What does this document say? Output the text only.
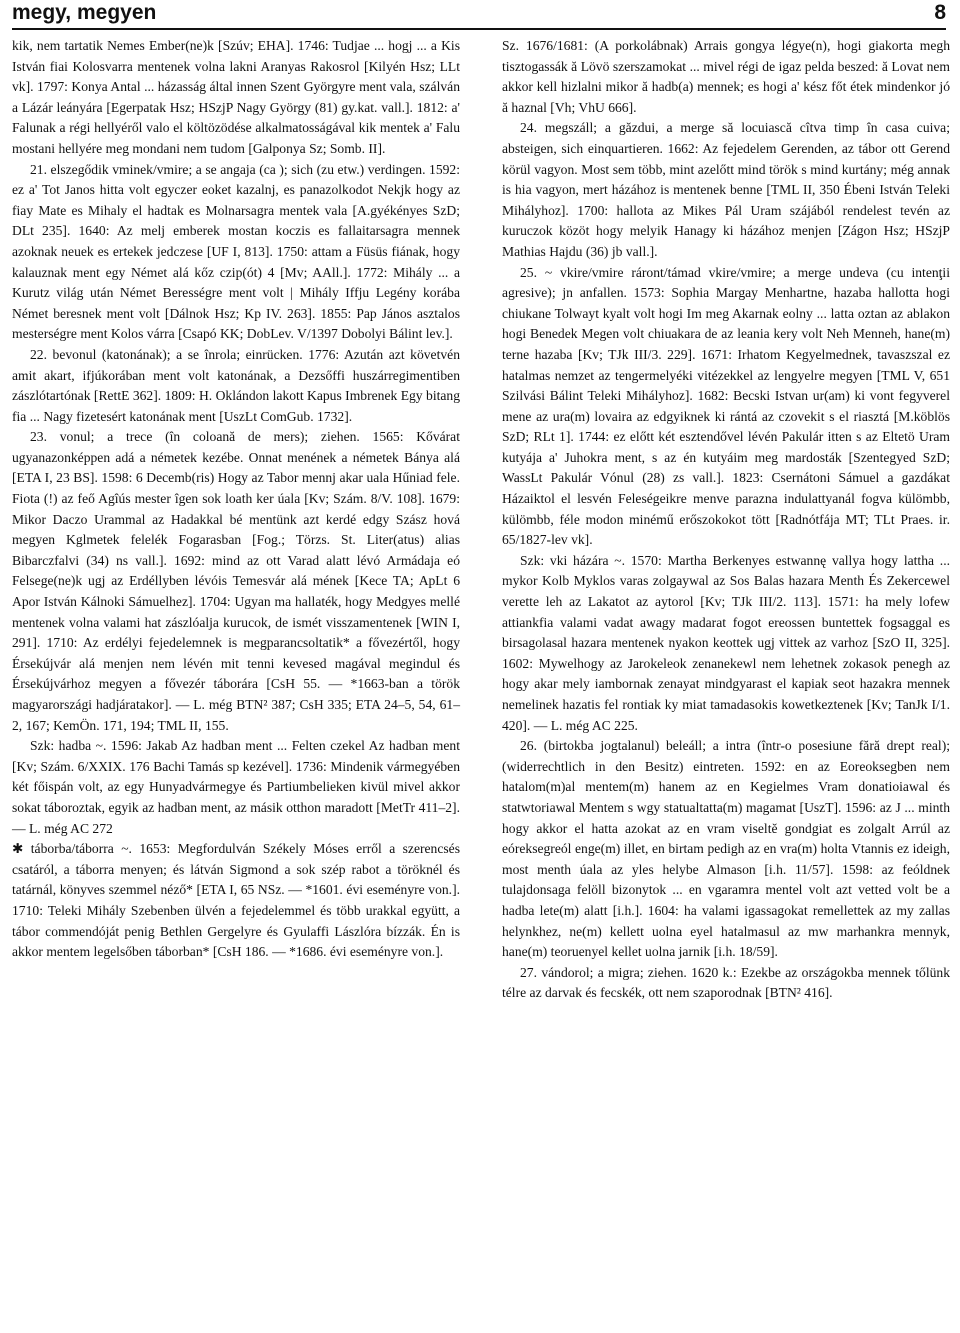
megy, megyen	8

kik, nem tartatik Nemes Ember(ne)k [Szúv; EHA]. 1746: Tudjae ... hogj ... a Kis István fiai Kolosvarra mentenek volna lakni Aranyas Rakosrol [Kilyén Hsz; LLt vk]. 1797: Konya Antal ... házasság által innen Szent Györgyre ment vala, szálván a Lázár leányára [Egerpatak Hsz; HSzjP Nagy György (81) gy.kat. vall.]. 1812: a' Falunak a régi hellyéről valo el költözödése alkalmatosságával kik mentek a' Falu mostani hellyére meg mondani nem tudom [Galponya Sz; Somb. II].

21. elszegődik vminek/vmire; a se angaja (ca ); sich (zu etw.) verdingen. 1592: ez a' Tot Janos hitta volt egyczer eoket kazalnj, es panazolkodot Nekjk hogy az fiay Mate es Mihaly el hadtak es Molnarsagra mentek vala [A.gyékényes SzD; DLt 235]. 1640: Az melj emberek mostan koczis es fallaitarsagra mennek azoknak neuek es ertekek jedczese [UF I, 813]. 1750: attam a Füsüs fiának, hogy kalauznak ment egy Német alá kőz czip(ót) 4 [Mv; AAll.]. 1772: Mihály ... a Kurutz világ után Német Berességre ment volt | Mihály Iffju Legény korába Német beresnek ment volt [Dálnok Hsz; Kp IV. 263]. 1855: Pap János asztalos mesterségre ment Kolos várra [Csapó KK; DobLev. V/1397 Dobolyi Bálint lev.].

22. bevonul (katonának); a se înrola; einrücken. 1776: Azután azt követvén amit akart, ifjúkorában ment volt katonának, a Dezsőffi huszárregimentiben zászlótartónak [RettE 362]. 1809: H. Oklándon lakott Kapus Imbrenek Egy bitang fia ... Nagy fizetesért katonának ment [UszLt ComGub. 1732].

23. vonul; a trece (în coloană de mers); ziehen. 1565: Kővárat ugyanazonképpen adá a németek kezébe. Onnat menének a németek Bánya alá [ETA I, 23 BS]. 1598: 6 Decemb(ris) Hogy az Tabor mennj akar uala Hűniad fele. Fiota (!) az feő Agîús mester îgen sok loath ker úala [Kv; Szám. 8/V. 108]. 1679: Mikor Daczo Urammal az Hadakkal bé mentünk azt kerdé edgy Szász hová megyen Kglmetek felelék Fogarasban [Fog.; Törzs. St. Liter(atus) alias Bibarczfalvi (34) ns vall.]. 1692: mind az ott Varad alatt lévó Armádaja eó Felsege(ne)k ugj az Erdéllyben lévóis Temesvár alá mének [Kece TA; ApLt 6 Apor István Kálnoki Sámuelhez]. 1704: Ugyan ma hallaték, hogy Medgyes mellé mentenek volna valami hat zászlóalja kurucok, de ismét visszamentenek [WIN I, 291]. 1710: Az erdélyi fejedelemnek is megparancsoltatik* a fővezértől, hogy Érsekújvár alá menjen nem lévén mit tenni kevesed magával megindul és Érsekújvárhoz megyen a fővezér táborára [CsH 55. — *1663-ban a török magyarországi hadjáratakor]. — L. még BTN² 387; CsH 335; ETA 24–5, 54, 61–2, 167; KemÖn. 171, 194; TML II, 155.

Szk: hadba ~. 1596: Jakab Az hadban ment ... Felten czekel Az hadban ment [Kv; Szám. 6/XXIX. 176 Bachi Tamás sp kezével]. 1736: Mindenik vármegyében két főispán volt, az egy Hunyadvármegye és Partiumbelieken kivül mivel akkor sokat táboroztak, egyik az hadban ment, az másik otthon maradott [MetTr 411–2]. — L. még AC 272

✱ táborba/táborra ~. 1653: Megfordulván Székely Móses erről a szerencsés csatáról, a táborra menyen; és látván Sigmond a sok szép rabot a töröknél és tatárnál, könyves szemmel néző* [ETA I, 65 NSz. — *1601. évi eseményre von.]. 1710: Teleki Mihály Szebenben ülvén a fejedelemmel és több urakkal együtt, a tábor commendóját penig Bethlen Gergelyre és Gyulaffi Lászlóra bízzák. Én is akkor mentem legelsőben táborban* [CsH 186. — *1686. évi eseményre von.].

Sz. 1676/1681: (A porkolábnak) Arrais gongya légye(n), hogi giakorta megh tisztogassák ă Lövö szerszamokat ... mivel régi de igaz pelda beszed: ă Lovat nem akkor kell hizlalni mikor ă hadb(a) mennek; es hogi a' kész főt étek mindenkor jó ă haznal [Vh; VhU 666].

24. megszáll; a găzdui, a merge să locuiască cîtva timp în casa cuiva; absteigen, sich einquartieren. 1662: Az fejedelem Gerenden, az tábor ott Gerend körül vagyon. Most sem több, mint azelőtt mind török s mind kurtány; még annak is hia vagyon, mert házához is mentenek benne [TML II, 350 Ébeni István Teleki Mihályhoz]. 1700: hallota az Mikes Pál Uram szájából rendelest tevén az kuruczok közöt hogy melyik Hanagy ki házához menjen [Zágon Hsz; HSzjP Mathias Hajdu (36) jb vall.].

25. ~ vkire/vmire ráront/támad vkire/vmire; a merge undeva (cu intenţii agresive); jn anfallen. 1573: Sophia Margay Menhartne, hazaba hallotta hogi chiukane Tolwayt kyalt volt hogi Im meg Akarnak eolny ... latta oztan az ablakon hogi Benedek Megen volt chiuakara de az leania kery volt Neh Menneh, hane(m) terne hazaba [Kv; TJk III/3. 229]. 1671: Irhatom Kegyelmednek, tavaszszal ez hatalmas nemzet az tengermelyéki vitézekkel az lengyelre megyen [TML V, 651 Szilvási Bálint Teleki Mihályhoz]. 1682: Becski Istvan ur(am) ki vont fegyverel mene az ura(m) lovaira az edgyiknek ki rántá az czovekit s el riasztá [M.köblös SzD; RLt 1]. 1744: ez előtt két esztendővel lévén Pakulár itten s az Eltetö Uram kutyája a' Juhokra ment, s az én kutyáim meg mardosták [Szentegyed SzD; WassLt Pakulár Vónul (28) zs vall.]. 1823: Csernátoni Sámuel a gazdákat Házaiktol el lesvén Feleségeikre menve parazna indulattyanál fogva külömbb, külömbb, féle modon minémű erőszokokot tött [Radnótfája MT; TLt Praes. ir. 65/1827-lev vk].

Szk: vki házára ~. 1570: Martha Berkenyes estwannę vallya hogy lattha ... mykor Kolb Myklos varas zolgaywal az Sos Balas hazara Menth És Zekercewel verette leh az Lakatot az aytorol [Kv; TJk III/2. 113]. 1571: ha mely lofew attiankfia valami vadat awagy madarat fogot ereossen buntettek fogsaggal es birsagolasal hazara mentenek nyakon keottek ugj vittek az varhoz [SzO II, 325]. 1602: Mywelhogy az Jarokeleok zenanekewl nem lehetnek zokasok penegh az hogy akar mely iambornak zenayat mindgyarast el kapiak seot hazakra mennek nemelinek hazatis fel rontiak ky miat tamadasokis kowetkeztenek [Kv; TanJk I/1. 420]. — L. még AC 225.

26. (birtokba jogtalanul) beleáll; a intra (într-o posesiune fără drept real); (widerrechtlich in den Besitz) eintreten. 1592: en az Eoreoksegben nem hatalom(m)al mentem(m) hanem az en Kegielmes Vram donatioiawal és statwtoriawal Mentem s wgy statualtatta(m) magamat [UszT]. 1596: az J ... minth hogy akkor el hatta azokat az en vram viseltĕ gondgiat es zolgalt Arrúl az eóreksegreól enge(m) illet, en birtam pedigh az en vra(m) holta Vtannis ez ideigh, most menth úala az yles helybe Almason [i.h. 11/57]. 1598: az feóldnek tulajdonsaga felöll bizonytok ... en vgaramra mentel volt azt vetted volt be a hadba lete(m) alatt [i.h.]. 1604: ha valami igassagokat remellettek az my zallas helynkhez, ne(m) kellett uolna eyel hatalmasul az mw marhankra mennyk, hane(m) teoruenyel kellet uolna jarnik [i.h. 18/59].

27. vándorol; a migra; ziehen. 1620 k.: Ezekbe az országokba mennek tőlünk télre az darvak és fecskék, ott nem szaporodnak [BTN² 416].
